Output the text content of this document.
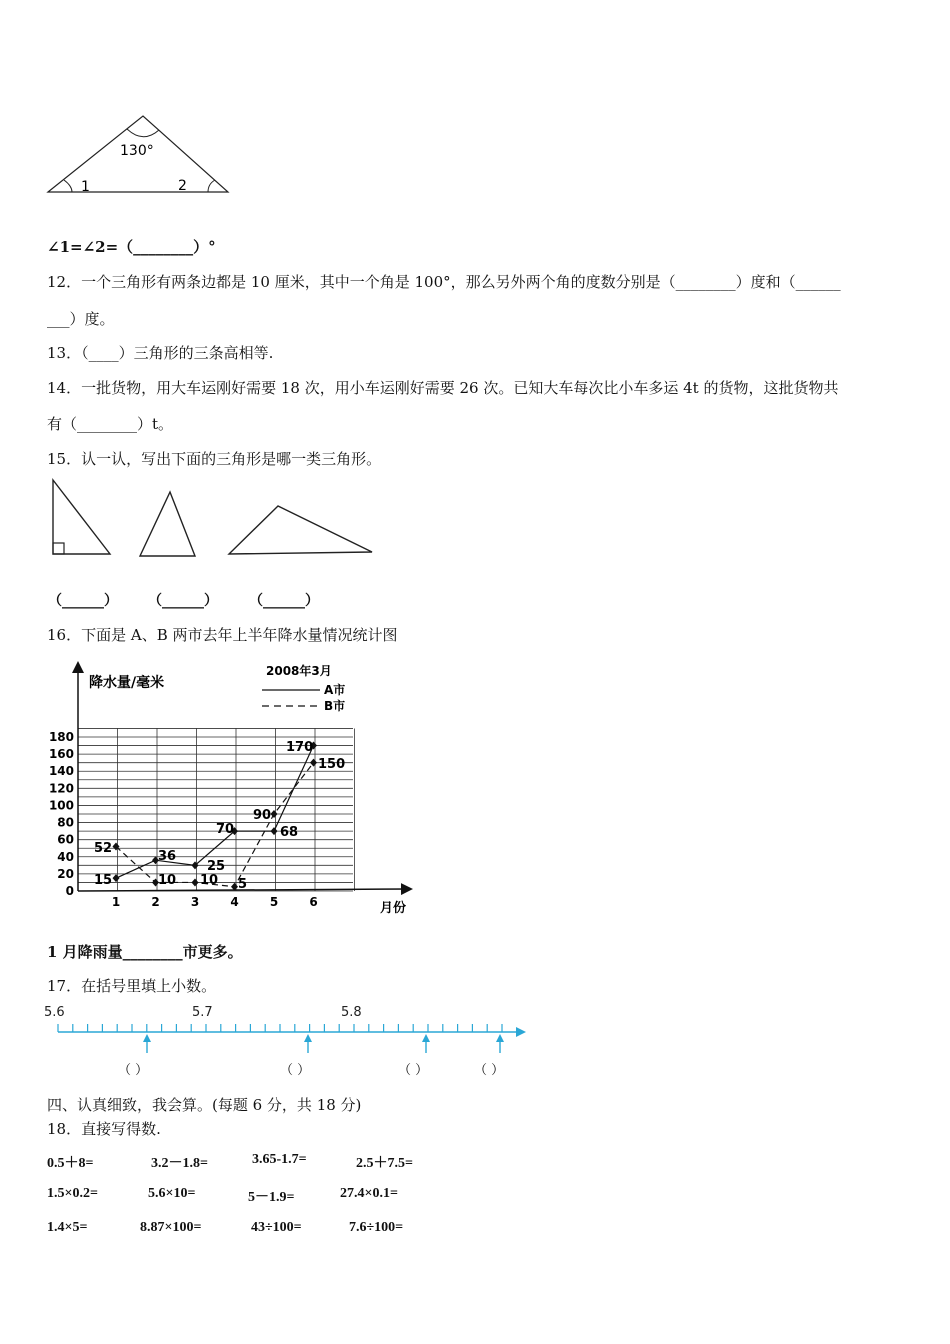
130°
1	2
∠1=∠2=（________）°
12．一个三角形有两条边都是 10 厘米，其中一个角是 100°，那么另外两个角的度数分别是（________）度和（______
___）度。
13．（____）三角形的三条高相等.
14．一批货物，用大车运刚好需要 18 次，用小车运刚好需要 26 次。已知大车每次比小车多运 4t 的货物，这批货物共
有（________）t。
15．认一认，写出下面的三角形是哪一类三角形。
（______） （______） （______）
16．下面是 A、B 两市去年上半年降水量情况统计图
降水量/毫米
月份
2008年3月
A市
B市
0
20
40
60
80
100
120
140
160
180
1	2	3	4	5	6
52
15
36
10 10
25
70
5
90
68
170
150
1 月降雨量________市更多。
17．在括号里填上小数。
5.6	5.7	5.8
（ ）	（ ）	（ ）	（ ）
四、认真细致，我会算。(每题 6 分，共 18 分)
18．直接写得数.
0.5＋8=	3.2－1.8=	3.65-1.7=	2.5＋7.5=
1.5×0.2=	5.6×10=	5－1.9=	27.4×0.1=
1.4×5=	8.87×100=	43÷100=	7.6÷100=
